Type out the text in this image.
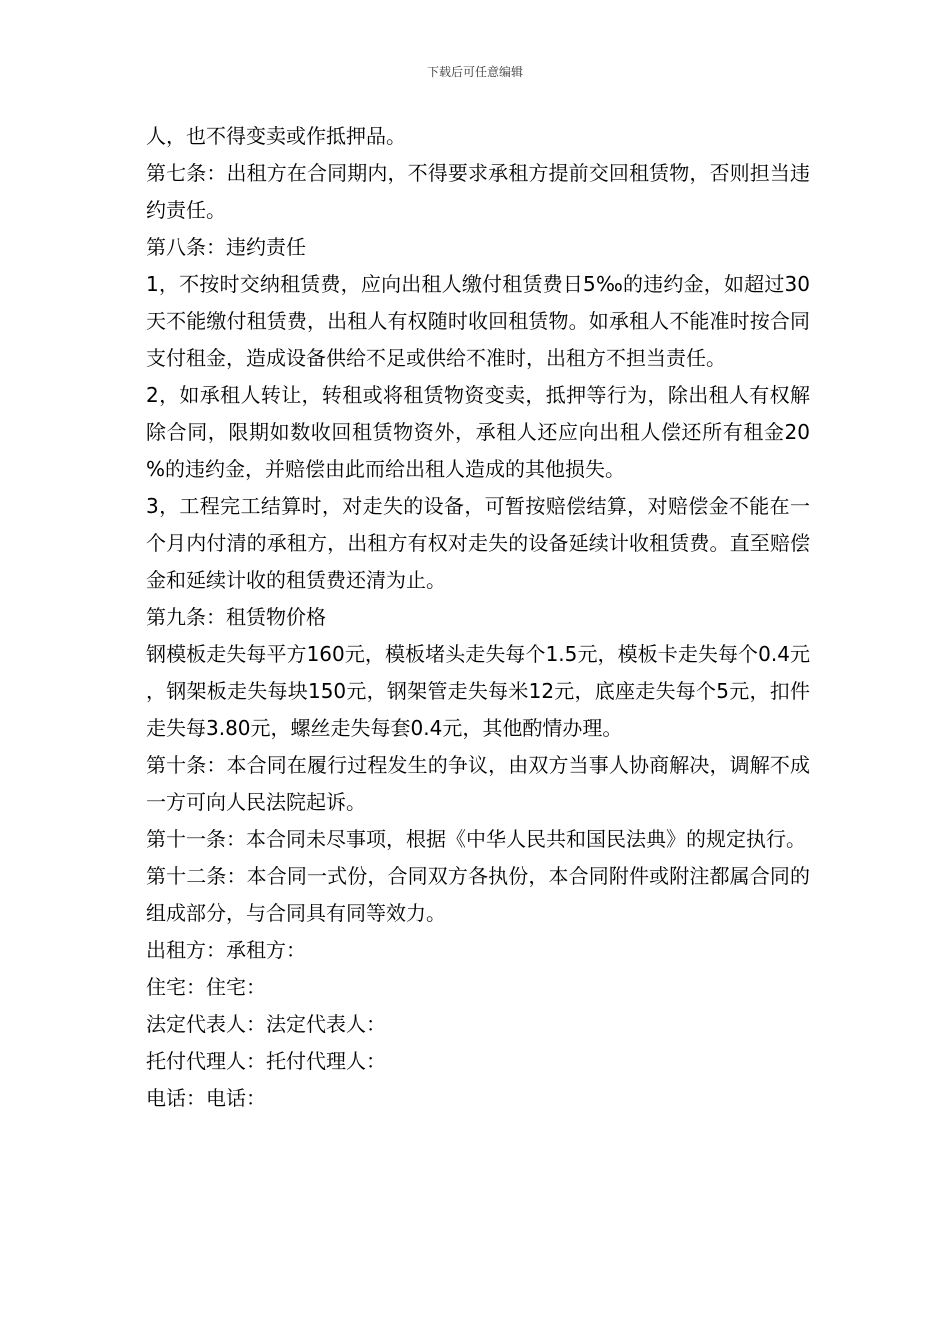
下载后可任意编辑

人，也不得变卖或作抵押品。

第七条：出租方在合同期内，不得要求承租方提前交回租赁物，否则担当违约责任。

第八条：违约责任

1，不按时交纳租赁费，应向出租人缴付租赁费日5‰的违约金，如超过30天不能缴付租赁费，出租人有权随时收回租赁物。如承租人不能准时按合同支付租金，造成设备供给不足或供给不准时，出租方不担当责任。

2，如承租人转让，转租或将租赁物资变卖，抵押等行为，除出租人有权解除合同，限期如数收回租赁物资外，承租人还应向出租人偿还所有租金20%的违约金，并赔偿由此而给出租人造成的其他损失。

3，工程完工结算时，对走失的设备，可暂按赔偿结算，对赔偿金不能在一个月内付清的承租方，出租方有权对走失的设备延续计收租赁费。直至赔偿金和延续计收的租赁费还清为止。

第九条：租赁物价格

钢模板走失每平方160元，模板堵头走失每个1.5元，模板卡走失每个0.4元，钢架板走失每块150元，钢架管走失每米12元，底座走失每个5元，扣件走失每3.80元，螺丝走失每套0.4元，其他酌情办理。

第十条：本合同在履行过程发生的争议，由双方当事人协商解决，调解不成一方可向人民法院起诉。

第十一条：本合同未尽事项，根据《中华人民共和国民法典》的规定执行。

第十二条：本合同一式份，合同双方各执份，本合同附件或附注都属合同的组成部分，与合同具有同等效力。

出租方：承租方：

住宅：住宅：

法定代表人：法定代表人：

托付代理人：托付代理人：

电话：电话：
